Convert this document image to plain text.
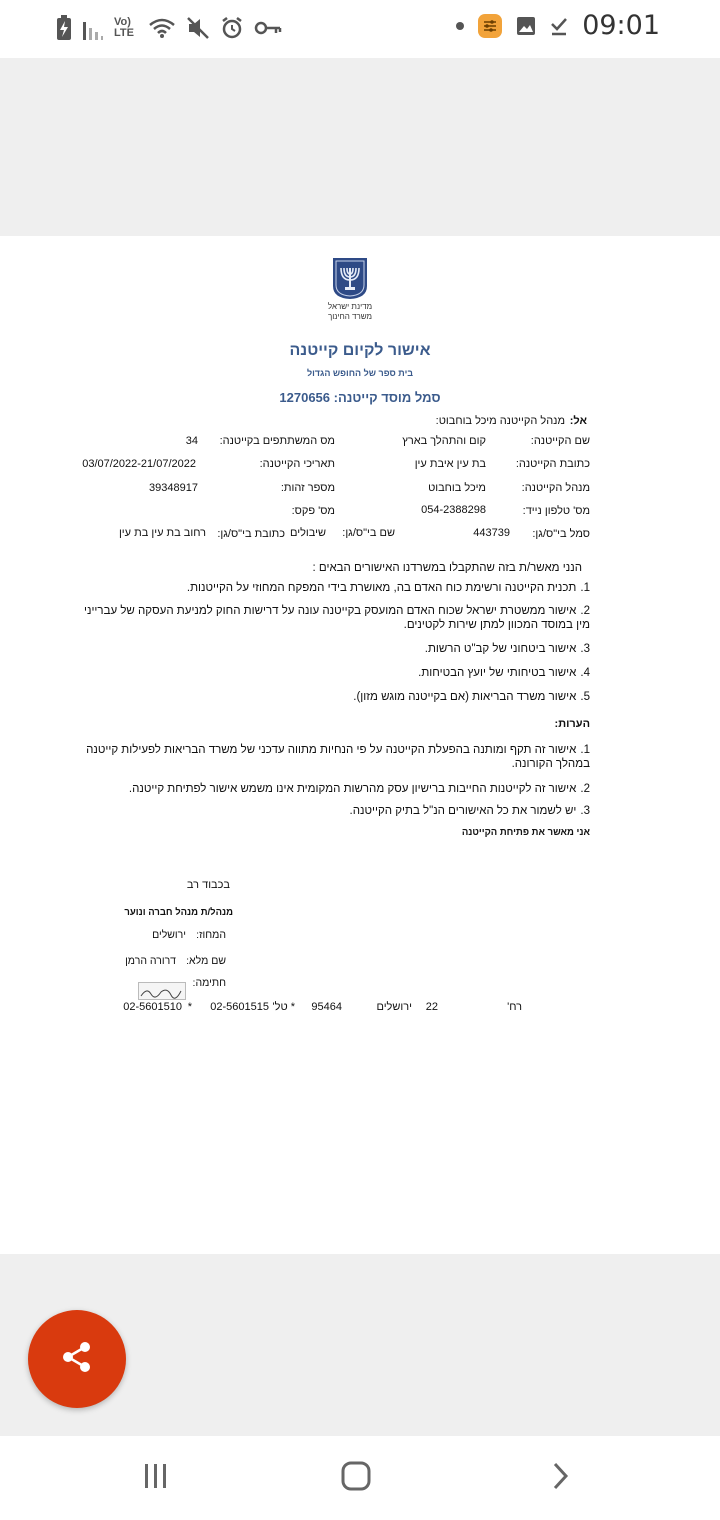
Vo) LTE	09:01
מדינת ישראל
משרד החינוך
אישור לקיום קייטנה
בית ספר של החופש הגדול
סמל מוסד קייטנה: 1270656
אל:
מנהל הקייטנה מיכל בוחבוט:
שם הקייטנה:
קום והתהלך בארץ
מס המשתתפים בקייטנה:
34
כתובת הקייטנה:
בת עין איבת עין
תאריכי הקייטנה:
03/07/2022-21/07/2022
מנהל הקייטנה:
מיכל בוחבוט
מספר זהות:
39348917
מס' טלפון נייד:
054-2388298
מס' פקס:
סמל בי"ס/גן:
443739
שם בי"ס/גן:
שיבולים
כתובת בי"ס/גן:
רחוב בת עין בת עין
הנני מאשר/ת בזה שהתקבלו במשרדנו האישורים הבאים :
1.תכנית הקייטנה ורשימת כוח האדם בה, מאושרת בידי המפקח המחוזי על הקייטנות.
2.אישור ממשטרת ישראל שכוח האדם המועסק בקייטנה עונה על דרישות החוק למניעת העסקה של עברייני מין במוסד המכוון למתן שירות לקטינים.
3.אישור ביטחוני של קב"ט הרשות.
4.אישור בטיחותי של יועץ הבטיחות.
5.אישור משרד הבריאות (אם בקייטנה מוגש מזון).
הערות:
1.אישור זה תקף ומותנה בהפעלת הקייטנה על פי הנחיות מתווה עדכני של משרד הבריאות לפעילות קייטנה במהלך הקורונה.
2.אישור זה לקייטנות החייבות ברישיון עסק מהרשות המקומית אינו משמש אישור לפתיחת קייטנה.
3.יש לשמור את כל האישורים הנ"ל בתיק הקייטנה.
אני מאשר את פתיחת הקייטנה
בכבוד רב
מנהל/ת מנהל חברה ונוער
המחוז:
ירושלים
שם מלא:
דרורה הרמן
חתימה:
רח'
22
ירושלים
95464
* טל'
02-5601515
*
02-5601510
